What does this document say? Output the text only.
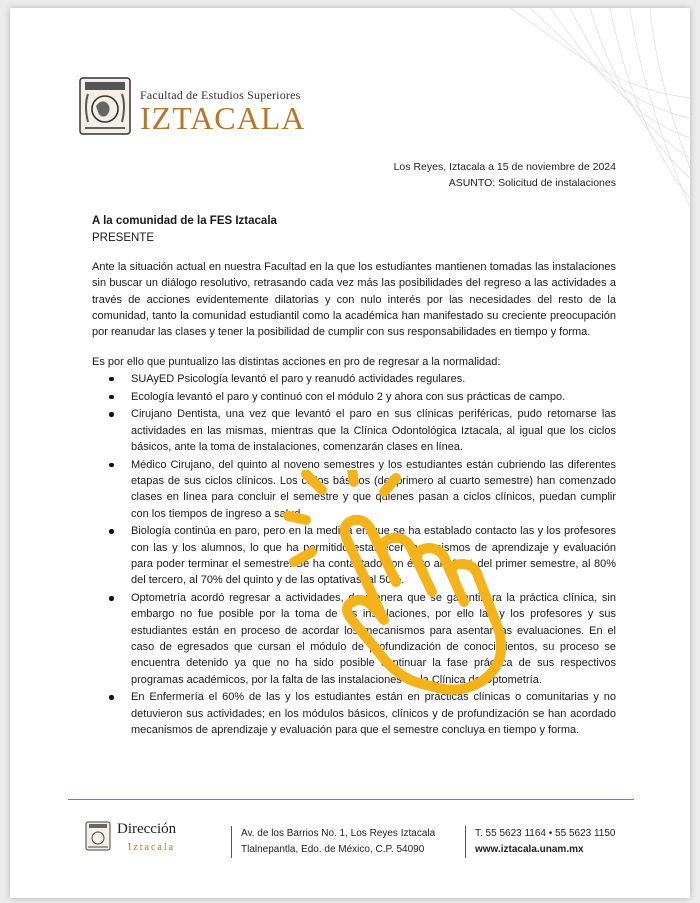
Facultad de Estudios Superiores
IZTACALA
Los Reyes, Iztacala a 15 de noviembre de 2024
ASUNTO: Solicitud de instalaciones
A la comunidad de la FES Iztacala
PRESENTE

Ante la situación actual en nuestra Facultad en la que los estudiantes mantienen tomadas las instalaciones sin buscar un diálogo resolutivo, retrasando cada vez más las posibilidades del regreso a las actividades a través de acciones evidentemente dilatorias y con nulo interés por las necesidades del resto de la comunidad, tanto la comunidad estudiantil como la académica han manifestado su creciente preocupación por reanudar las clases y tener la posibilidad de cumplir con sus responsabilidades en tiempo y forma.

Es por ello que puntualizo las distintas acciones en pro de regresar a la normalidad:

SUAyED Psicología levantó el paro y reanudó actividades regulares.
Ecología levantó el paro y continuó con el módulo 2 y ahora con sus prácticas de campo.
Cirujano Dentista, una vez que levantó el paro en sus clínicas periféricas, pudo retomarse las actividades en las mismas, mientras que la Clínica Odontológica Iztacala, al igual que los ciclos básicos, ante la toma de instalaciones, comenzarán clases en línea.
Médico Cirujano, del quinto al noveno semestres y los estudiantes están cubriendo las diferentes etapas de sus ciclos clínicos. Los ciclos básicos (del primero al cuarto semestre) han comenzado clases en línea para concluir el semestre y que quienes pasan a ciclos clínicos, puedan cumplir con los tiempos de ingreso a salud.
Biología continúa en paro, pero en la medida en que se ha establado contacto las y los profesores con las y los alumnos, lo que ha permitido establecer mecanismos de aprendizaje y evaluación para poder terminar el semestre. Se ha contactado con éxito al 100% del primer semestre, al 80% del tercero, al 70% del quinto y de las optativas, al 50%.
Optometría acordó regresar a actividades, de manera que se garantizara la práctica clínica, sin embargo no fue posible por la toma de las instalaciones, por ello las y los profesores y sus estudiantes están en proceso de acordar los mecanismos para asentar las evaluaciones. En el caso de egresados que cursan el módulo de profundización de conocimientos, su proceso se encuentra detenido ya que no ha sido posible continuar la fase práctica de sus respectivos programas académicos, por la falta de las instalaciones de la Clínica de Optometría.
En Enfermería el 60% de las y los estudiantes están en prácticas clínicas o comunitarias y no detuvieron sus actividades; en los módulos básicos, clínicos y de profundización se han acordado mecanismos de aprendizaje y evaluación para que el semestre concluya en tiempo y forma.
Dirección
Iztacala
Av. de los Barrios No. 1, Los Reyes Iztacala
Tlalnepantla, Edo. de México, C.P. 54090
T. 55 5623 1164 • 55 5623 1150
www.iztacala.unam.mx
